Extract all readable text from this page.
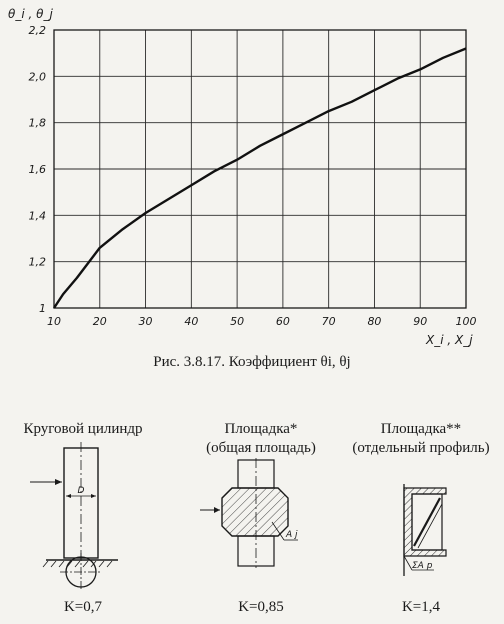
10	20	30	40	50	60	70	80	90	100
1
1,2
1,4
1,6
1,8
2,0
2,2
θ_i , θ_j
X_i , X_j
Рис. 3.8.17. Коэффициент θi, θj
Круговой цилиндр
D
K=0,7
Площадка*
(общая площадь)
A j
K=0,85
Площадка**
(отдельный профиль)
ΣA p
K=1,4
